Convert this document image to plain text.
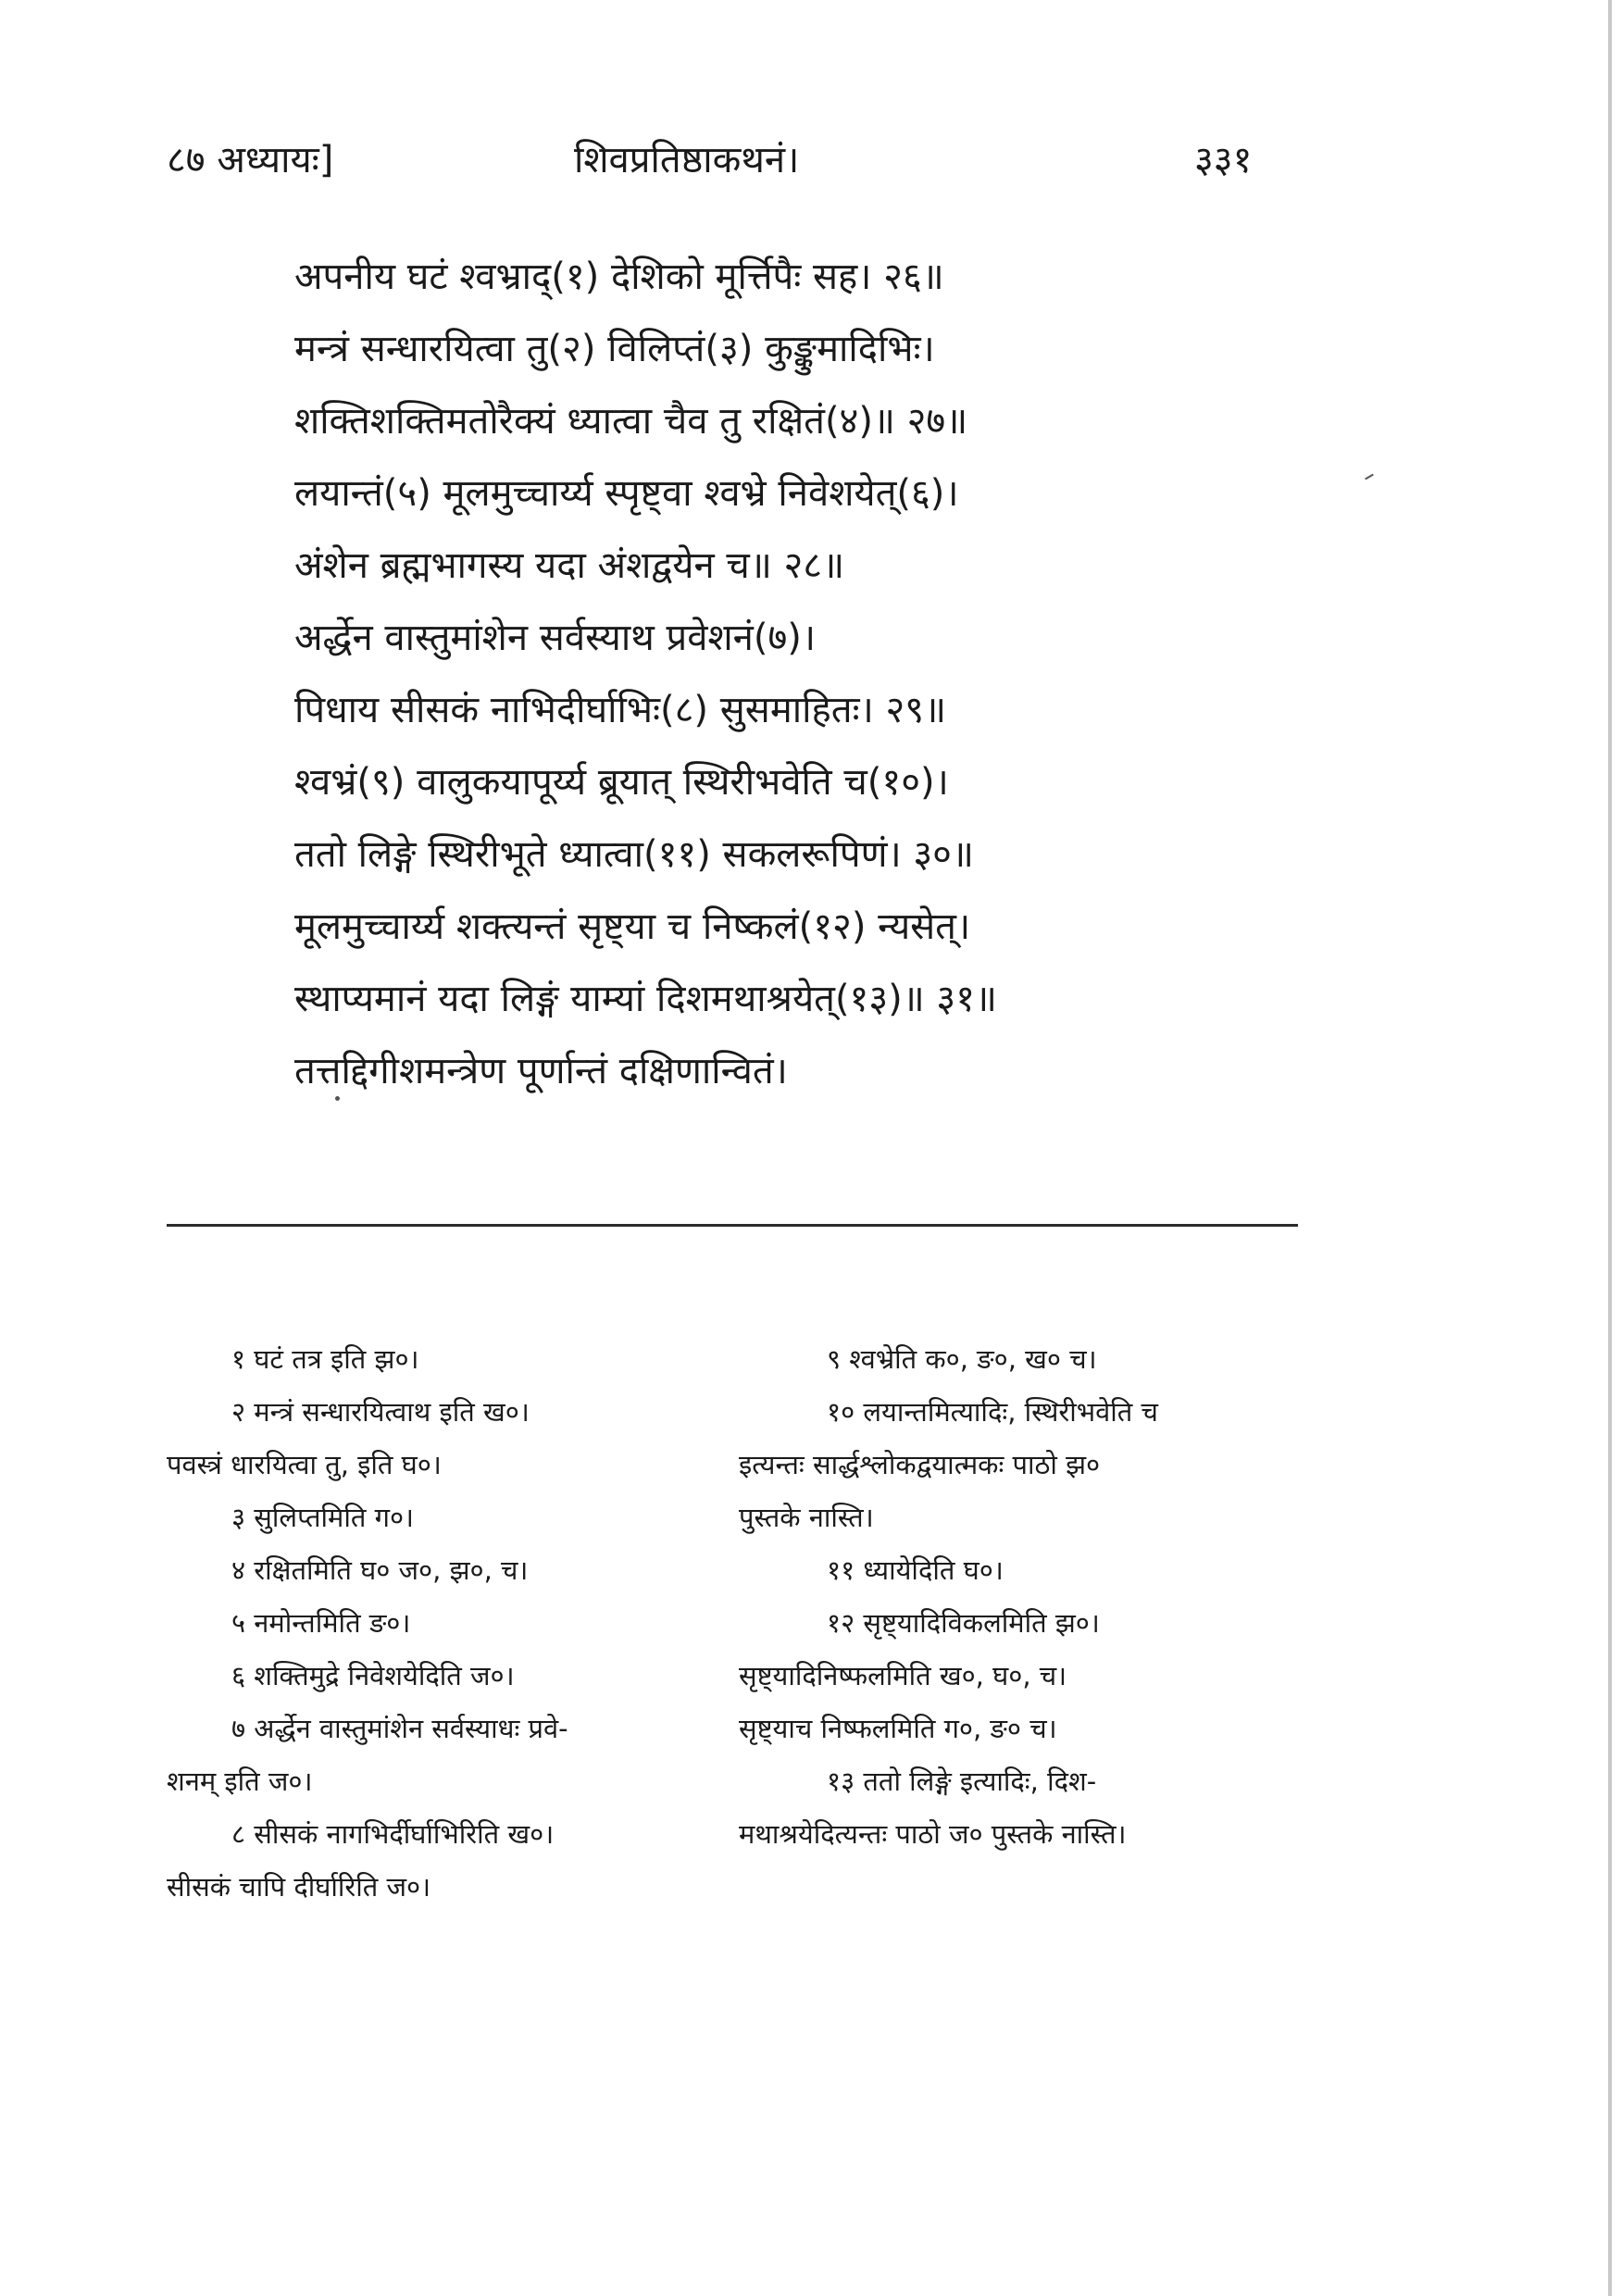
८७ अध्यायः]	शिवप्रतिष्ठाकथनं।	३३१
अपनीय घटं श्वभ्राद्(१) देशिको मूर्त्तिपैः सह। २६॥
मन्त्रं सन्धारयित्वा तु(२) विलिप्तं(३) कुङ्कुमादिभिः।
शक्तिशक्तिमतोरैक्यं ध्यात्वा चैव तु रक्षितं(४)॥ २७॥
लयान्तं(५) मूलमुच्चार्य्य स्पृष्ट्वा श्वभ्रे निवेशयेत्(६)।
अंशेन ब्रह्मभागस्य यदा अंशद्वयेन च॥ २८॥
अर्द्धेन वास्तुमांशेन सर्वस्याथ प्रवेशनं(७)।
पिधाय सीसकं नाभिदीर्घाभिः(८) सुसमाहितः। २९॥
श्वभ्रं(९) वालुकयापूर्य्य ब्रूयात् स्थिरीभवेति च(१०)।
ततो लिङ्गे स्थिरीभूते ध्यात्वा(११) सकलरूपिणं। ३०॥
मूलमुच्चार्य्य शक्त्यन्तं सृष्ट्या च निष्कलं(१२) न्यसेत्।
स्थाप्यमानं यदा लिङ्गं याम्यां दिशमथाश्रयेत्(१३)॥ ३१॥
तत्तद्दिगीशमन्त्रेण पूर्णान्तं दक्षिणान्वितं।
१ घटं तत्र इति झ०।
२ मन्त्रं सन्धारयित्वाथ इति ख०।
पवस्त्रं धारयित्वा तु, इति घ०।
३ सुलिप्तमिति ग०।
४ रक्षितमिति घ० ज०, झ०, च।
५ नमोन्तमिति ङ०।
६ शक्तिमुद्रे निवेशयेदिति ज०।
७ अर्द्धेन वास्तुमांशेन सर्वस्याधः प्रवे-
शनम् इति ज०।
८ सीसकं नागभिर्दीर्घाभिरिति ख०।
सीसकं चापि दीर्घारिति ज०।
९ श्वभ्रेति क०, ङ०, ख० च।
१० लयान्तमित्यादिः, स्थिरीभवेति च
इत्यन्तः सार्द्धश्लोकद्वयात्मकः पाठो झ०
पुस्तके नास्ति।
११ ध्यायेदिति घ०।
१२ सृष्ट्यादिविकलमिति झ०।
सृष्ट्यादिनिष्फलमिति ख०, घ०, च।
सृष्ट्याच निष्फलमिति ग०, ङ० च।
१३ ततो लिङ्गे इत्यादिः, दिश-
मथाश्रयेदित्यन्तः पाठो ज० पुस्तके नास्ति।
